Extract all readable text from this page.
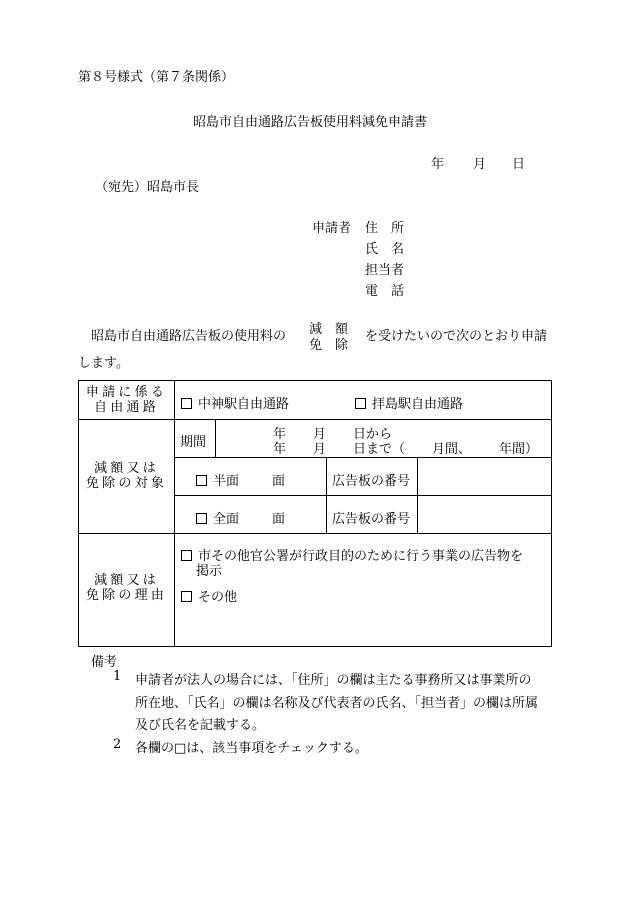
第８号様式（第７条関係）
昭島市自由通路広告板使用料減免申請書
年 月 日
（宛先）昭島市長
申請者 住　所
氏　名
担当者
電　話
昭島市自由通路広告板の使用料の 減　額
免　除
を受けたいので次のとおり申請
します。
申請に係る
自由通路	中神駅自由通路	拝島駅自由通路
減額又は
免除の対象
期間
年 月 日から
年 月 日まで（ 月間、 年間）
半面	面	広告板の番号
全面	面	広告板の番号
減額又は
免除の理由
市その他官公署が行政目的のために行う事業の広告物を
掲示
その他
備考
1 申請者が法人の場合には、「住所」の欄は主たる事務所又は事業所の
所在地、「氏名」の欄は名称及び代表者の氏名、「担当者」の欄は所属
及び氏名を記載する。
2 各欄の□は、該当事項をチェックする。
